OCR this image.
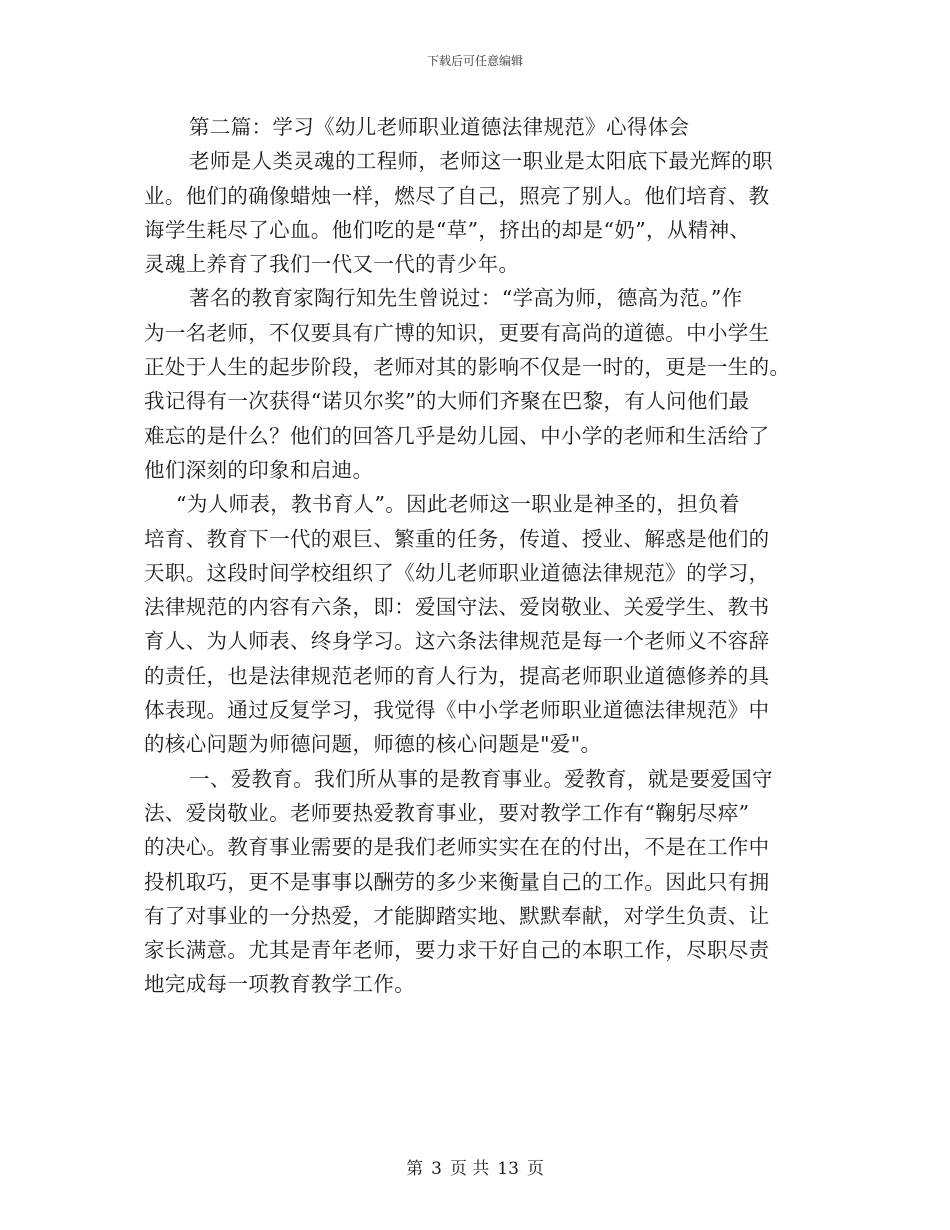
下载后可任意编辑
第二篇：学习《幼儿老师职业道德法律规范》心得体会
老师是人类灵魂的工程师，老师这一职业是太阳底下最光辉的职
业。他们的确像蜡烛一样，燃尽了自己，照亮了别人。他们培育、教
诲学生耗尽了心血。他们吃的是“草”，挤出的却是“奶”，从精神、
灵魂上养育了我们一代又一代的青少年。
著名的教育家陶行知先生曾说过：“学高为师，德高为范。”作
为一名老师，不仅要具有广博的知识，更要有高尚的道德。中小学生
正处于人生的起步阶段，老师对其的影响不仅是一时的，更是一生的。
我记得有一次获得“诺贝尔奖”的大师们齐聚在巴黎，有人问他们最
难忘的是什么？他们的回答几乎是幼儿园、中小学的老师和生活给了
他们深刻的印象和启迪。
“为人师表，教书育人”。因此老师这一职业是神圣的，担负着
培育、教育下一代的艰巨、繁重的任务，传道、授业、解惑是他们的
天职。这段时间学校组织了《幼儿老师职业道德法律规范》的学习，
法律规范的内容有六条，即：爱国守法、爱岗敬业、关爱学生、教书
育人、为人师表、终身学习。这六条法律规范是每一个老师义不容辞
的责任，也是法律规范老师的育人行为，提高老师职业道德修养的具
体表现。通过反复学习，我觉得《中小学老师职业道德法律规范》中
的核心问题为师德问题，师德的核心问题是"爱"。
一、爱教育。我们所从事的是教育事业。爱教育，就是要爱国守
法、爱岗敬业。老师要热爱教育事业，要对教学工作有“鞠躬尽瘁”
的决心。教育事业需要的是我们老师实实在在的付出，不是在工作中
投机取巧，更不是事事以酬劳的多少来衡量自己的工作。因此只有拥
有了对事业的一分热爱，才能脚踏实地、默默奉献，对学生负责、让
家长满意。尤其是青年老师，要力求干好自己的本职工作，尽职尽责
地完成每一项教育教学工作。
第 3 页 共 13 页
